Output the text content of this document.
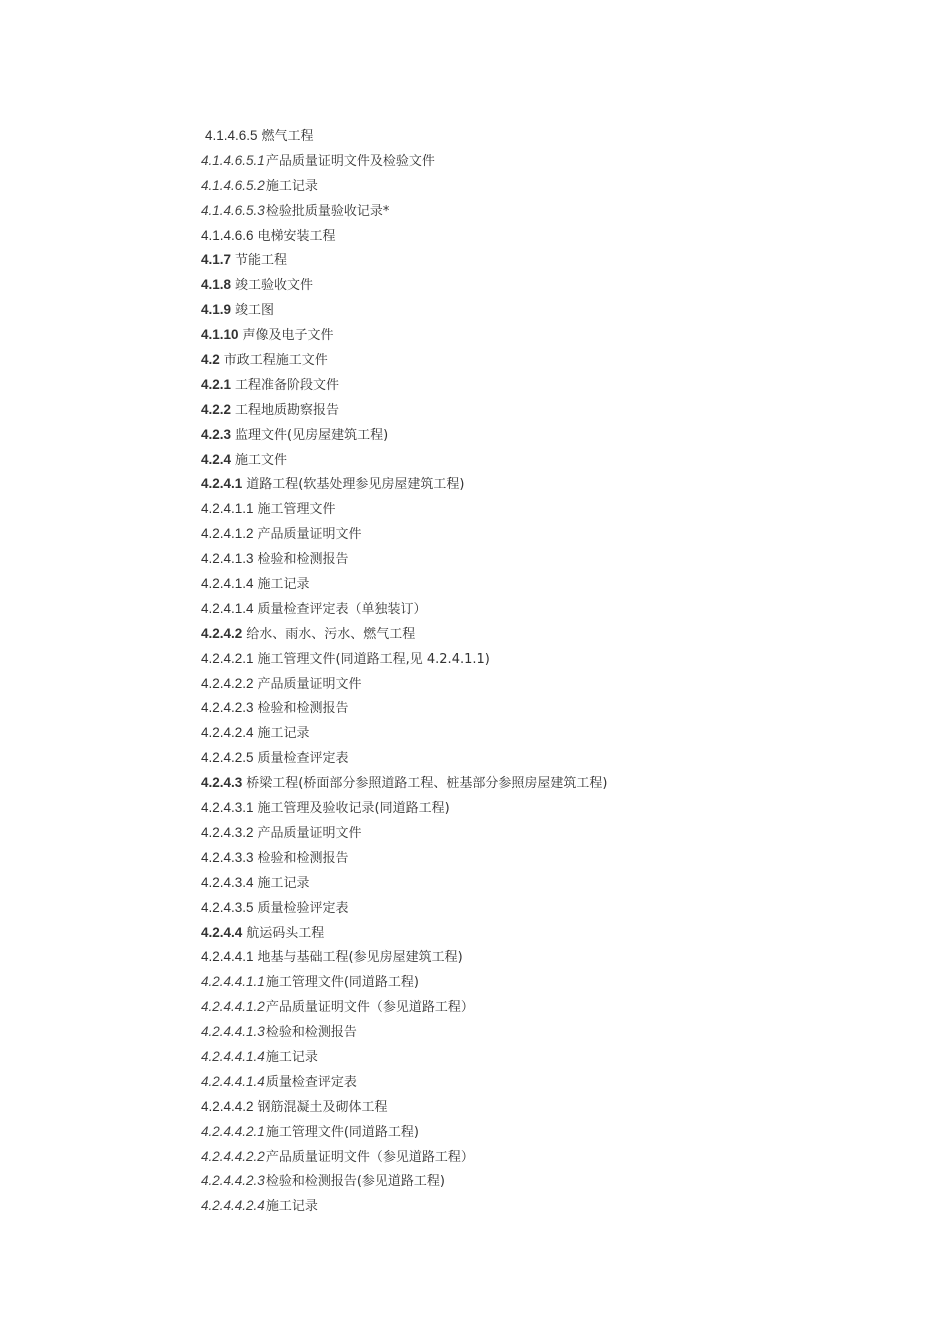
4.1.4.6.5 燃气工程
4.1.4.6.5.1产品质量证明文件及检验文件
4.1.4.6.5.2施工记录
4.1.4.6.5.3检验批质量验收记录*
4.1.4.6.6 电梯安装工程
4.1.7 节能工程
4.1.8 竣工验收文件
4.1.9 竣工图
4.1.10 声像及电子文件
4.2 市政工程施工文件
4.2.1 工程准备阶段文件
4.2.2 工程地质勘察报告
4.2.3 监理文件(见房屋建筑工程)
4.2.4 施工文件
4.2.4.1 道路工程(软基处理参见房屋建筑工程)
4.2.4.1.1 施工管理文件
4.2.4.1.2 产品质量证明文件
4.2.4.1.3 检验和检测报告
4.2.4.1.4 施工记录
4.2.4.1.4 质量检查评定表（单独装订）
4.2.4.2 给水、雨水、污水、燃气工程
4.2.4.2.1 施工管理文件(同道路工程,见 4.2.4.1.1)
4.2.4.2.2 产品质量证明文件
4.2.4.2.3 检验和检测报告
4.2.4.2.4 施工记录
4.2.4.2.5 质量检查评定表
4.2.4.3 桥梁工程(桥面部分参照道路工程、桩基部分参照房屋建筑工程)
4.2.4.3.1 施工管理及验收记录(同道路工程)
4.2.4.3.2 产品质量证明文件
4.2.4.3.3 检验和检测报告
4.2.4.3.4 施工记录
4.2.4.3.5 质量检验评定表
4.2.4.4 航运码头工程
4.2.4.4.1 地基与基础工程(参见房屋建筑工程)
4.2.4.4.1.1施工管理文件(同道路工程)
4.2.4.4.1.2产品质量证明文件（参见道路工程）
4.2.4.4.1.3检验和检测报告
4.2.4.4.1.4施工记录
4.2.4.4.1.4质量检查评定表
4.2.4.4.2 钢筋混凝土及砌体工程
4.2.4.4.2.1施工管理文件(同道路工程)
4.2.4.4.2.2产品质量证明文件（参见道路工程）
4.2.4.4.2.3检验和检测报告(参见道路工程)
4.2.4.4.2.4施工记录
